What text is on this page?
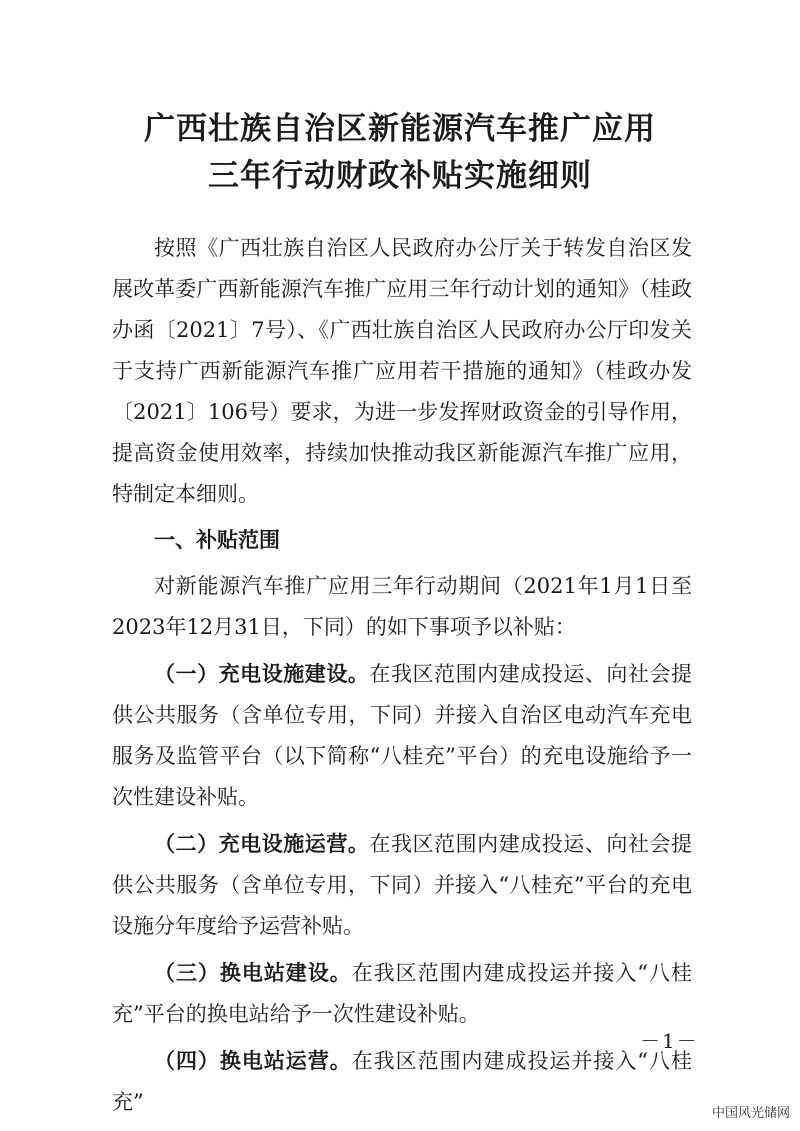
广西壮族自治区新能源汽车推广应用
三年行动财政补贴实施细则

按照《广西壮族自治区人民政府办公厅关于转发自治区发展改革委广西新能源汽车推广应用三年行动计划的通知》（桂政办函〔2021〕7号）、《广西壮族自治区人民政府办公厅印发关于支持广西新能源汽车推广应用若干措施的通知》（桂政办发〔2021〕106号）要求，为进一步发挥财政资金的引导作用，提高资金使用效率，持续加快推动我区新能源汽车推广应用，特制定本细则。

一、补贴范围

对新能源汽车推广应用三年行动期间（2021年1月1日至2023年12月31日，下同）的如下事项予以补贴：

（一）充电设施建设。在我区范围内建成投运、向社会提供公共服务（含单位专用，下同）并接入自治区电动汽车充电服务及监管平台（以下简称“八桂充”平台）的充电设施给予一次性建设补贴。

（二）充电设施运营。在我区范围内建成投运、向社会提供公共服务（含单位专用，下同）并接入“八桂充”平台的充电设施分年度给予运营补贴。

（三）换电站建设。在我区范围内建成投运并接入“八桂充”平台的换电站给予一次性建设补贴。

（四）换电站运营。在我区范围内建成投运并接入“八桂充”

－1－
中国风光储网
